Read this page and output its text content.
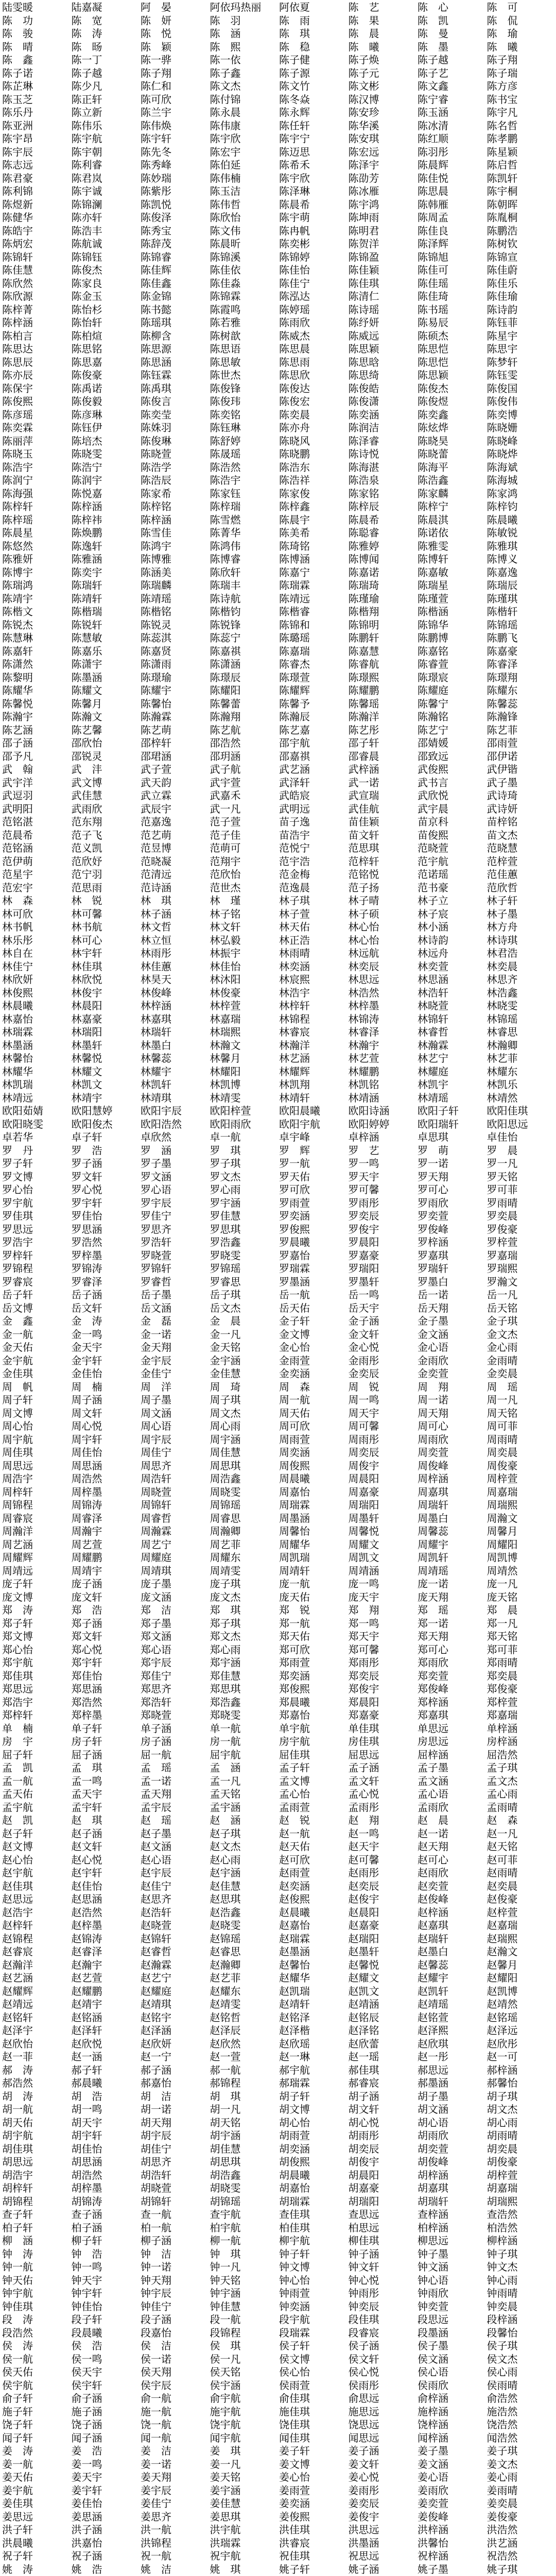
陆雯暖	陆嘉凝	阿　晏	阿依玛热丽	阿依夏	陈　艺	陈　心	陈　可
陈　功	陈　宽	陈　妍	陈　羽	陈　雨	陈　果	陈　凯	陈　侃
陈　骏	陈　涛	陈　悦	陈　涵	陈　琪	陈　晨	陈　曼	陈　瑜
陈　晴	陈　旸	陈　颖	陈　熙	陈　稳	陈　曦	陈　墨	陈　曦
陈　鑫	陈一丁	陈一骅	陈一依	陈子健	陈子焕	陈子越	陈子翔
陈子诺	陈子越	陈子翔	陈子鑫	陈子源	陈子元	陈子艺	陈子瑞
陈芷琳	陈少凡	陈仁和	陈文杰	陈文竹	陈文彬	陈文鑫	陈方彦
陈玉芝	陈正轩	陈可欣	陈付锦	陈冬焱	陈汉博	陈宁睿	陈书宝
陈乐丹	陈立新	陈兰宇	陈永晨	陈永辉	陈安珍	陈玉涵	陈宇凡
陈亚洲	陈伟乐	陈伟焕	陈伟康	陈任轩	陈华溪	陈冰清	陈名哲
陈宇昂	陈宇航	陈宇轩	陈宇欣	陈宇宁	陈安琪	陈红顺	陈孝鹏
陈宇辰	陈宇朝	陈先冬	陈宏宇	陈迈思	陈宏远	陈羽彤	陈星颖
陈志远	陈利睿	陈秀峰	陈伯延	陈希禾	陈泽宇	陈晨辉	陈启哲
陈君豪	陈君岚	陈妙瑞	陈伟楠	陈宇欣	陈劭芳	陈佳悦	陈凯轩
陈利锦	陈宇诚	陈紫彤	陈玉洁	陈泽琳	陈冰雁	陈思晨	陈宇桐
陈煜新	陈锦澜	陈凯悦	陈伟哲	陈晨希	陈宇鸿	陈韩雁	陈朝晖
陈健华	陈亦轩	陈俊泽	陈欣怡	陈宇萌	陈坤雨	陈周孟	陈胤桐
陈皓宇	陈浩丰	陈秀宝	陈文伟	陈冉帆	陈明君	陈佳良	陈鹏浩
陈炳宏	陈航诚	陈辞茂	陈晨昕	陈奕彬	陈贺洋	陈泽辉	陈树钦
陈锦轩	陈锦钰	陈锦睿	陈锦溪	陈锦婷	陈锦盈	陈锦旭	陈锦宣
陈佳慧	陈俊杰	陈佳辉	陈佳依	陈佳怡	陈佳颖	陈佳可	陈佳蔚
陈欣然	陈家良	陈佳鑫	陈佳淼	陈佳宁	陈佳琪	陈佳瑶	陈佳乐
陈欣源	陈金玉	陈金锦	陈锦霖	陈泓达	陈清仁	陈佳琦	陈佳瑜
陈梓菁	陈怡杉	陈书懿	陈霞鸣	陈婷瑶	陈诗瑶	陈书瑶	陈诗韵
陈梓涵	陈怡轩	陈瑶琪	陈若雅	陈雨欣	陈纾妍	陈易辰	陈钰菲
陈柏言	陈柏煊	陈柳含	陈树歆	陈威杰	陈威远	陈硕杰	陈星宇
陈思达	陈思铭	陈思源	陈思语	陈思晨	陈思颖	陈思恺	陈思宇
陈思辰	陈思嘉	陈思涵	陈思敏	陈思雨	陈思晗	陈思恺	陈梦轩
陈亦辰	陈俊豪	陈钰霖	陈世杰	陈思欣	陈思绮	陈思颖	陈钰雯
陈保宇	陈禹诺	陈禹琪	陈俊锋	陈俊达	陈俊皓	陈俊杰	陈俊国
陈俊熙	陈俊毅	陈俊言	陈俊玮	陈俊宏	陈俊潇	陈俊煜	陈俊伟
陈彦瑶	陈彦琳	陈奕莹	陈奕铭	陈奕晨	陈奕涵	陈奕鑫	陈奕博
陈奕霖	陈钰伊	陈姝羽	陈钰琳	陈亦舟	陈润洁	陈炫烨	陈晓姗
陈丽萍	陈培杰	陈俊琳	陈舒婷	陈晓风	陈泽睿	陈晓昊	陈晓峰
陈晓玉	陈晓雯	陈晓萱	陈晟瑶	陈晓鹏	陈诗悦	陈晓蕾	陈晓烨
陈浩宇	陈浩宁	陈浩学	陈浩然	陈浩东	陈海湛	陈海平	陈海斌
陈润宁	陈润宇	陈浩辰	陈浩宇	陈浩祥	陈浩泉	陈浩鑫	陈海城
陈海强	陈悦嘉	陈家希	陈家钰	陈家俊	陈家铭	陈家麟	陈家鸿
陈梓轩	陈梓涵	陈梓铭	陈梓瑞	陈梓鑫	陈梓辰	陈梓宁	陈梓钧
陈梓瑶	陈梓祎	陈梓涵	陈雪燃	陈晨宇	陈晨希	陈晨淇	陈晨曦
陈晨星	陈焕鹏	陈雪佳	陈菁华	陈美希	陈聪睿	陈诺依	陈敏锐
陈悠然	陈逸轩	陈鸿宇	陈鸿伟	陈琦铭	陈雅婷	陈雅雯	陈雅琪
陈雅妍	陈雅涵	陈博雅	陈博睿	陈博涵	陈博闻	陈博轩	陈博义
陈博宇	陈奕宇	陈涵美	陈欣轩	陈嘉宁	陈嘉诺	陈嘉敏	陈嘉逸
陈瑞鸿	陈瑞轩	陈瑞麟	陈瑞丰	陈瑞霖	陈瑞琦	陈瑞星	陈瑞辰
陈靖宇	陈靖轩	陈靖瑶	陈诗航	陈靖远	陈瑾瑜	陈瑾萱	陈瑾琪
陈楷文	陈楷瑞	陈楷铭	陈楷钧	陈楷睿	陈楷翔	陈楷涵	陈楷轩
陈锐杰	陈锐轩	陈锐灵	陈锐锋	陈锦和	陈锦明	陈锦华	陈锦瑶
陈慧琳	陈慧敏	陈蕊淇	陈蕊宁	陈璐瑶	陈鹏轩	陈鹏博	陈鹏飞
陈嘉轩	陈嘉乐	陈嘉贤	陈嘉祺	陈嘉瑞	陈嘉慧	陈嘉铭	陈嘉豪
陈潇然	陈潇宇	陈潇雨	陈潇涵	陈睿杰	陈睿航	陈睿萱	陈睿泽
陈黎明	陈墨涵	陈璟瑜	陈璟辰	陈璟萱	陈璟熙	陈璟宸	陈璟翔
陈耀华	陈耀文	陈耀宇	陈耀阳	陈耀辉	陈耀鹏	陈耀庭	陈耀东
陈馨悦	陈馨月	陈馨怡	陈馨蕾	陈馨予	陈馨瑶	陈馨宁	陈馨蕊
陈瀚宇	陈瀚文	陈瀚霖	陈瀚翔	陈瀚辰	陈瀚洋	陈瀚铭	陈瀚锋
陈艺涵	陈艺馨	陈艺萌	陈艺航	陈艺嘉	陈艺彤	陈艺宁	陈艺菲
邵子涵	邵欣怡	邵梓轩	邵浩然	邵宇航	邵子轩	邵婧媛	邵雨萱
邵予凡	邵锐灵	邵珺涵	邵玥涵	邵嘉祺	邵睿晨	邵致远	邵伊诺
武　翰	武　沣	武子萱	武子航	武艺涵	武梓涵	武俊熙	武伊锴
武宇洋	武文博	武天韵	武宇萱	武泽轩	武一诺	武书言	武子墨
武逗羽	武佳慧	武立霖	武嘉禾	武皓宸	武宣瑞	武欣悦	武诗琦
武明阳	武雨欣	武辰宇	武一凡	武明远	武佳航	武宇晨	武诗妍
范铭湛	范东翔	范嘉逸	范子萱	苗子逸	苗佳颖	苗京科	苗梓铭
范晨希	范子飞	范艺萌	范子佳	苗浩宇	苗文轩	苗俊熙	苗文杰
范铭涵	范义凯	范昱博	范萌可	范悦宁	范思琪	范晓萱	范晓慧
范伊萌	范欣妤	范晓凝	范翔宇	范宇浩	范梓轩	范宇航	范梓萱
范星宇	范宁羽	范清远	范欣怡	范金梅	范铭悦	范诺瑶	范佳蕙
范宏宇	范思雨	范诗涵	范世杰	范逸晨	范子扬	范书豪	范欣哲
林　森	林　锐	林　琪	林　瑾	林子琪	林子晴	林子立	林子轩
林可欣	林可馨	林子涵	林子铭	林子萱	林子硕	林子宸	林子墨
林书帆	林书航	林文哲	林文轩	林天佑	林心怡	林小涵	林方舟
林乐彤	林可心	林立恒	林弘毅	林正浩	林心怡	林诗韵	林诗琪
林自在	林宇轩	林雨彤	林振宇	林雨晴	林远航	林远舟	林君浩
林佳宁	林佳琪	林佳蕙	林佳怡	林奕涵	林奕辰	林奕萱	林奕晨
林欣妍	林欣悦	林昊天	林沐阳	林宸熙	林思远	林思涵	林思齐
林俊熙	林俊宇	林俊峰	林俊豪	林浩宇	林浩然	林浩轩	林浩鑫
林晨曦	林晨阳	林梓涵	林梓萱	林梓轩	林梓墨	林晓萱	林晓雯
林嘉怡	林嘉豪	林嘉琪	林嘉瑞	林锦程	林锦涛	林锦轩	林锦瑶
林瑞霖	林瑞阳	林瑞轩	林瑞熙	林睿宸	林睿泽	林睿哲	林睿思
林墨涵	林墨轩	林墨白	林瀚文	林瀚洋	林瀚宇	林瀚霖	林瀚卿
林馨怡	林馨悦	林馨蕊	林馨月	林艺涵	林艺萱	林艺宁	林艺菲
林耀华	林耀文	林耀宇	林耀阳	林耀辉	林耀鹏	林耀庭	林耀东
林凯瑞	林凯文	林凯轩	林凯博	林凯翔	林凯铭	林凯宇	林凯乐
林靖远	林靖宇	林靖琪	林靖雯	林靖轩	林靖涵	林靖瑶	林靖然
欧阳茹婧	欧阳慧婷	欧阳宇辰	欧阳梓萱	欧阳晨曦	欧阳诗涵	欧阳子轩	欧阳佳琪
欧阳晓雯	欧阳俊杰	欧阳浩然	欧阳雨欣	欧阳宇航	欧阳婷婷	欧阳瑞轩	欧阳思远
卓若华	卓子轩	卓欣然	卓一航	卓宇峰	卓梓涵	卓思琪	卓佳怡
罗　丹	罗　浩	罗　涵	罗　琪	罗　辉	罗　艺	罗　萌	罗　晨
罗子轩	罗子涵	罗子墨	罗子琪	罗一航	罗一鸣	罗一诺	罗一凡
罗文博	罗文轩	罗文涵	罗文杰	罗天佑	罗天宇	罗天翔	罗天铭
罗心怡	罗心悦	罗心语	罗心雨	罗可欣	罗可馨	罗可心	罗可菲
罗宇航	罗宇轩	罗宇辰	罗宇涵	罗雨萱	罗雨彤	罗雨欣	罗雨晴
罗佳琪	罗佳怡	罗佳宁	罗佳慧	罗奕涵	罗奕辰	罗奕萱	罗奕晨
罗思远	罗思涵	罗思齐	罗思琪	罗俊熙	罗俊宇	罗俊峰	罗俊豪
罗浩宇	罗浩然	罗浩轩	罗浩鑫	罗晨曦	罗晨阳	罗梓涵	罗梓萱
罗梓轩	罗梓墨	罗晓萱	罗晓雯	罗嘉怡	罗嘉豪	罗嘉琪	罗嘉瑞
罗锦程	罗锦涛	罗锦轩	罗锦瑶	罗瑞霖	罗瑞阳	罗瑞轩	罗瑞熙
罗睿宸	罗睿泽	罗睿哲	罗睿思	罗墨涵	罗墨轩	罗墨白	罗瀚文
岳子轩	岳子涵	岳子墨	岳子琪	岳一航	岳一鸣	岳一诺	岳一凡
岳文博	岳文轩	岳文涵	岳文杰	岳天佑	岳天宇	岳天翔	岳天铭
金　鑫	金　涛	金　磊	金　晨	金子轩	金子涵	金子墨	金子琪
金一航	金一鸣	金一诺	金一凡	金文博	金文轩	金文涵	金文杰
金天佑	金天宇	金天翔	金天铭	金心怡	金心悦	金心语	金心雨
金宇航	金宇轩	金宇辰	金宇涵	金雨萱	金雨彤	金雨欣	金雨晴
金佳琪	金佳怡	金佳宁	金佳慧	金奕涵	金奕辰	金奕萱	金奕晨
周　帆	周　楠	周　洋	周　琦	周　森	周　锐	周　翔	周　瑶
周子轩	周子涵	周子墨	周子琪	周一航	周一鸣	周一诺	周一凡
周文博	周文轩	周文涵	周文杰	周天佑	周天宇	周天翔	周天铭
周心怡	周心悦	周心语	周心雨	周可欣	周可馨	周可心	周可菲
周宇航	周宇轩	周宇辰	周宇涵	周雨萱	周雨彤	周雨欣	周雨晴
周佳琪	周佳怡	周佳宁	周佳慧	周奕涵	周奕辰	周奕萱	周奕晨
周思远	周思涵	周思齐	周思琪	周俊熙	周俊宇	周俊峰	周俊豪
周浩宇	周浩然	周浩轩	周浩鑫	周晨曦	周晨阳	周梓涵	周梓萱
周梓轩	周梓墨	周晓萱	周晓雯	周嘉怡	周嘉豪	周嘉琪	周嘉瑞
周锦程	周锦涛	周锦轩	周锦瑶	周瑞霖	周瑞阳	周瑞轩	周瑞熙
周睿宸	周睿泽	周睿哲	周睿思	周墨涵	周墨轩	周墨白	周瀚文
周瀚洋	周瀚宇	周瀚霖	周瀚卿	周馨怡	周馨悦	周馨蕊	周馨月
周艺涵	周艺萱	周艺宁	周艺菲	周耀华	周耀文	周耀宇	周耀阳
周耀辉	周耀鹏	周耀庭	周耀东	周凯瑞	周凯文	周凯轩	周凯博
周靖远	周靖宇	周靖琪	周靖雯	周靖轩	周靖涵	周靖瑶	周靖然
庞子轩	庞子涵	庞子墨	庞子琪	庞一航	庞一鸣	庞一诺	庞一凡
庞文博	庞文轩	庞文涵	庞文杰	庞天佑	庞天宇	庞天翔	庞天铭
郑　涛	郑　浩	郑　洁	郑　琪	郑　锐	郑　翔	郑　瑶	郑　晨
郑子轩	郑子涵	郑子墨	郑子琪	郑一航	郑一鸣	郑一诺	郑一凡
郑文博	郑文轩	郑文涵	郑文杰	郑天佑	郑天宇	郑天翔	郑天铭
郑心怡	郑心悦	郑心语	郑心雨	郑可欣	郑可馨	郑可心	郑可菲
郑宇航	郑宇轩	郑宇辰	郑宇涵	郑雨萱	郑雨彤	郑雨欣	郑雨晴
郑佳琪	郑佳怡	郑佳宁	郑佳慧	郑奕涵	郑奕辰	郑奕萱	郑奕晨
郑思远	郑思涵	郑思齐	郑思琪	郑俊熙	郑俊宇	郑俊峰	郑俊豪
郑浩宇	郑浩然	郑浩轩	郑浩鑫	郑晨曦	郑晨阳	郑梓涵	郑梓萱
郑梓轩	郑梓墨	郑晓萱	郑晓雯	郑嘉怡	郑嘉豪	郑嘉琪	郑嘉瑞
单　楠	单子轩	单子涵	单一航	单宇航	单佳琪	单思远	单梓涵
房　宇	房子轩	房子涵	房一航	房宇航	房佳琪	房思远	房梓涵
屈子轩	屈子涵	屈一航	屈宇航	屈佳琪	屈思远	屈梓涵	屈浩然
孟　凯	孟　琪	孟　瑶	孟　涵	孟子轩	孟子涵	孟子墨	孟子琪
孟一航	孟一鸣	孟一诺	孟一凡	孟文博	孟文轩	孟文涵	孟文杰
孟天佑	孟天宇	孟天翔	孟天铭	孟心怡	孟心悦	孟心语	孟心雨
孟宇航	孟宇轩	孟宇辰	孟宇涵	孟雨萱	孟雨彤	孟雨欣	孟雨晴
赵　凯	赵　琪	赵　瑶	赵　涵	赵　锐	赵　翔	赵　晨	赵　森
赵子轩	赵子涵	赵子墨	赵子琪	赵一航	赵一鸣	赵一诺	赵一凡
赵文博	赵文轩	赵文涵	赵文杰	赵天佑	赵天宇	赵天翔	赵天铭
赵心怡	赵心悦	赵心语	赵心雨	赵可欣	赵可馨	赵可心	赵可菲
赵宇航	赵宇轩	赵宇辰	赵宇涵	赵雨萱	赵雨彤	赵雨欣	赵雨晴
赵佳琪	赵佳怡	赵佳宁	赵佳慧	赵奕涵	赵奕辰	赵奕萱	赵奕晨
赵思远	赵思涵	赵思齐	赵思琪	赵俊熙	赵俊宇	赵俊峰	赵俊豪
赵浩宇	赵浩然	赵浩轩	赵浩鑫	赵晨曦	赵晨阳	赵梓涵	赵梓萱
赵梓轩	赵梓墨	赵晓萱	赵晓雯	赵嘉怡	赵嘉豪	赵嘉琪	赵嘉瑞
赵锦程	赵锦涛	赵锦轩	赵锦瑶	赵瑞霖	赵瑞阳	赵瑞轩	赵瑞熙
赵睿宸	赵睿泽	赵睿哲	赵睿思	赵墨涵	赵墨轩	赵墨白	赵瀚文
赵瀚洋	赵瀚宇	赵瀚霖	赵瀚卿	赵馨怡	赵馨悦	赵馨蕊	赵馨月
赵艺涵	赵艺萱	赵艺宁	赵艺菲	赵耀华	赵耀文	赵耀宇	赵耀阳
赵耀辉	赵耀鹏	赵耀庭	赵耀东	赵凯瑞	赵凯文	赵凯轩	赵凯博
赵靖远	赵靖宇	赵靖琪	赵靖雯	赵靖轩	赵靖涵	赵靖瑶	赵靖然
赵铭轩	赵铭涵	赵铭宇	赵铭哲	赵铭泽	赵铭辰	赵铭萱	赵铭瑶
赵泽宇	赵泽轩	赵泽涵	赵泽辰	赵泽楷	赵泽铭	赵泽熙	赵泽远
赵欣怡	赵欣悦	赵欣妍	赵欣然	赵欣瑶	赵欣蕾	赵欣琪	赵欣彤
赵一菲	赵一涵	赵一宁	赵一萱	赵一琳	赵一瑶	赵一彤	赵一可
郝　涛	郝子轩	郝子涵	郝一航	郝宇航	郝佳琪	郝思远	郝梓涵
郝浩然	郝晨曦	郝嘉怡	郝锦程	郝瑞霖	郝睿宸	郝墨涵	郝馨怡
胡　涛	胡　浩	胡　洁	胡　琪	胡子轩	胡子涵	胡子墨	胡子琪
胡一航	胡一鸣	胡一诺	胡一凡	胡文博	胡文轩	胡文涵	胡文杰
胡天佑	胡天宇	胡天翔	胡天铭	胡心怡	胡心悦	胡心语	胡心雨
胡宇航	胡宇轩	胡宇辰	胡宇涵	胡雨萱	胡雨彤	胡雨欣	胡雨晴
胡佳琪	胡佳怡	胡佳宁	胡佳慧	胡奕涵	胡奕辰	胡奕萱	胡奕晨
胡思远	胡思涵	胡思齐	胡思琪	胡俊熙	胡俊宇	胡俊峰	胡俊豪
胡浩宇	胡浩然	胡浩轩	胡浩鑫	胡晨曦	胡晨阳	胡梓涵	胡梓萱
胡梓轩	胡梓墨	胡晓萱	胡晓雯	胡嘉怡	胡嘉豪	胡嘉琪	胡嘉瑞
胡锦程	胡锦涛	胡锦轩	胡锦瑶	胡瑞霖	胡瑞阳	胡瑞轩	胡瑞熙
查子轩	查子涵	查一航	查宇航	查佳琪	查思远	查梓涵	查浩然
柏子轩	柏子涵	柏一航	柏宇航	柏佳琪	柏思远	柏梓涵	柏浩然
柳　涵	柳子轩	柳子涵	柳一航	柳宇航	柳佳琪	柳思远	柳梓涵
钟　涛	钟　浩	钟　洁	钟　琪	钟子轩	钟子涵	钟子墨	钟子琪
钟一航	钟一鸣	钟一诺	钟一凡	钟文博	钟文轩	钟文涵	钟文杰
钟天佑	钟天宇	钟天翔	钟天铭	钟心怡	钟心悦	钟心语	钟心雨
钟宇航	钟宇轩	钟宇辰	钟宇涵	钟雨萱	钟雨彤	钟雨欣	钟雨晴
钟佳琪	钟佳怡	钟佳宁	钟佳慧	钟奕涵	钟奕辰	钟奕萱	钟奕晨
段　涛	段子轩	段子涵	段一航	段宇航	段佳琪	段思远	段梓涵
段浩然	段晨曦	段嘉怡	段锦程	段瑞霖	段睿宸	段墨涵	段馨怡
侯　涛	侯　浩	侯　洁	侯　琪	侯子轩	侯子涵	侯子墨	侯子琪
侯一航	侯一鸣	侯一诺	侯一凡	侯文博	侯文轩	侯文涵	侯文杰
侯天佑	侯天宇	侯天翔	侯天铭	侯心怡	侯心悦	侯心语	侯心雨
侯宇航	侯宇轩	侯宇辰	侯宇涵	侯雨萱	侯雨彤	侯雨欣	侯雨晴
俞子轩	俞子涵	俞一航	俞宇航	俞佳琪	俞思远	俞梓涵	俞浩然
施子轩	施子涵	施一航	施宇航	施佳琪	施思远	施梓涵	施浩然
饶子轩	饶子涵	饶一航	饶宇航	饶佳琪	饶思远	饶梓涵	饶浩然
闻子轩	闻子涵	闻一航	闻宇航	闻佳琪	闻思远	闻梓涵	闻浩然
姜　涛	姜　浩	姜　洁	姜　琪	姜子轩	姜子涵	姜子墨	姜子琪
姜一航	姜一鸣	姜一诺	姜一凡	姜文博	姜文轩	姜文涵	姜文杰
姜天佑	姜天宇	姜天翔	姜天铭	姜心怡	姜心悦	姜心语	姜心雨
姜宇航	姜宇轩	姜宇辰	姜宇涵	姜雨萱	姜雨彤	姜雨欣	姜雨晴
姜佳琪	姜佳怡	姜佳宁	姜佳慧	姜奕涵	姜奕辰	姜奕萱	姜奕晨
姜思远	姜思涵	姜思齐	姜思琪	姜俊熙	姜俊宇	姜俊峰	姜俊豪
洪子轩	洪子涵	洪一航	洪宇航	洪佳琪	洪思远	洪梓涵	洪浩然
洪晨曦	洪嘉怡	洪锦程	洪瑞霖	洪睿宸	洪墨涵	洪馨怡	洪艺涵
祝子轩	祝子涵	祝一航	祝宇航	祝佳琪	祝思远	祝梓涵	祝浩然
姚　涛	姚　浩	姚　洁	姚　琪	姚子轩	姚子涵	姚子墨	姚子琪
